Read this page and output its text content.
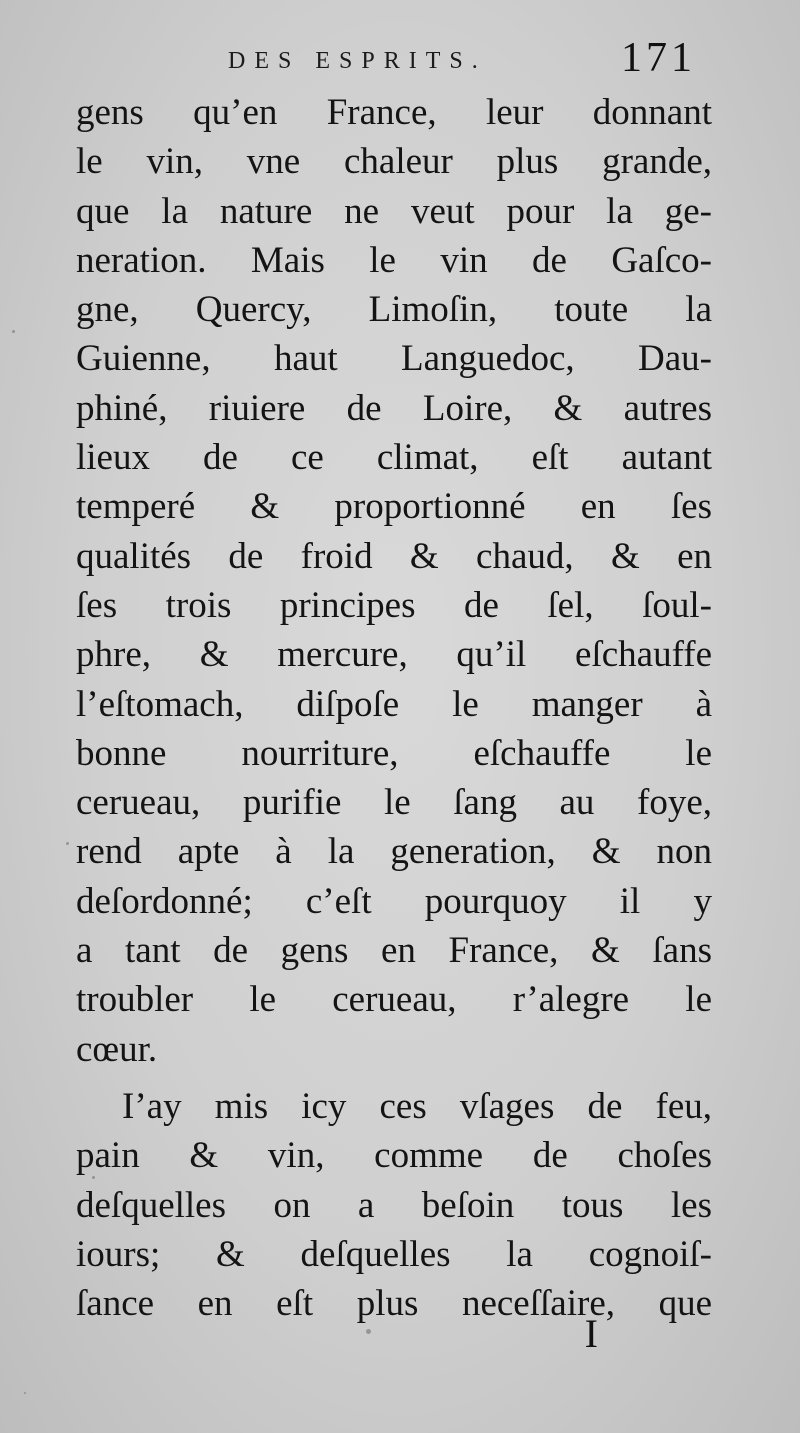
DES ESPRITS.	171
gens qu’en France, leur donnant
le vin, vne chaleur plus grande,
que la nature ne veut pour la ge-
neration. Mais le vin de Gaſco-
gne, Quercy, Limoſin, toute la
Guienne, haut Languedoc, Dau-
phiné, riuiere de Loire, & autres
lieux de ce climat, eſt autant
temperé & proportionné en ſes
qualités de froid & chaud, & en
ſes trois principes de ſel, ſoul-
phre, & mercure, qu’il eſchauffe
l’eſtomach, diſpoſe le manger à
bonne nourriture, eſchauffe le
cerueau, purifie le ſang au foye,
rend apte à la generation, & non
deſordonné; c’eſt pourquoy il y
a tant de gens en France, & ſans
troubler le cerueau, r’alegre le
cœur.
I’ay mis icy ces vſages de feu,
pain & vin, comme de choſes
deſquelles on a beſoin tous les
iours; & deſquelles la cognoiſ-
ſance en eſt plus neceſſaire, que
I
